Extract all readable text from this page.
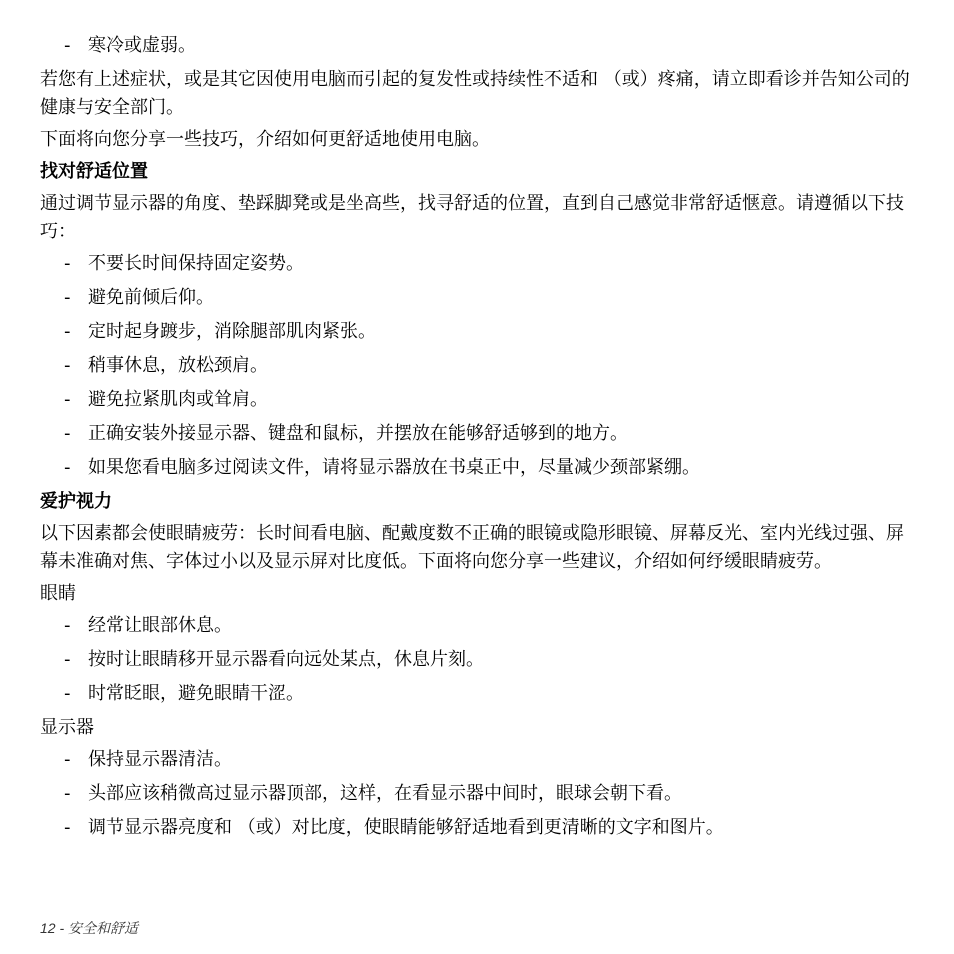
- 寒冷或虚弱。

若您有上述症状，或是其它因使用电脑而引起的复发性或持续性不适和 （或）疼痛，请立即看诊并告知公司的健康与安全部门。

下面将向您分享一些技巧，介绍如何更舒适地使用电脑。

找对舒适位置

通过调节显示器的角度、垫踩脚凳或是坐高些，找寻舒适的位置，直到自己感觉非常舒适惬意。请遵循以下技巧：

- 不要长时间保持固定姿势。
- 避免前倾后仰。
- 定时起身踱步，消除腿部肌肉紧张。
- 稍事休息，放松颈肩。
- 避免拉紧肌肉或耸肩。
- 正确安装外接显示器、键盘和鼠标，并摆放在能够舒适够到的地方。
- 如果您看电脑多过阅读文件，请将显示器放在书桌正中，尽量减少颈部紧绷。
爱护视力

以下因素都会使眼睛疲劳：长时间看电脑、配戴度数不正确的眼镜或隐形眼镜、屏幕反光、室内光线过强、屏幕未准确对焦、字体过小以及显示屏对比度低。下面将向您分享一些建议，介绍如何纾缓眼睛疲劳。

眼睛
- 经常让眼部休息。
- 按时让眼睛移开显示器看向远处某点，休息片刻。
- 时常眨眼，避免眼睛干涩。
显示器
- 保持显示器清洁。
- 头部应该稍微高过显示器顶部，这样，在看显示器中间时，眼球会朝下看。
- 调节显示器亮度和 （或）对比度，使眼睛能够舒适地看到更清晰的文字和图片。
12 - 安全和舒适
